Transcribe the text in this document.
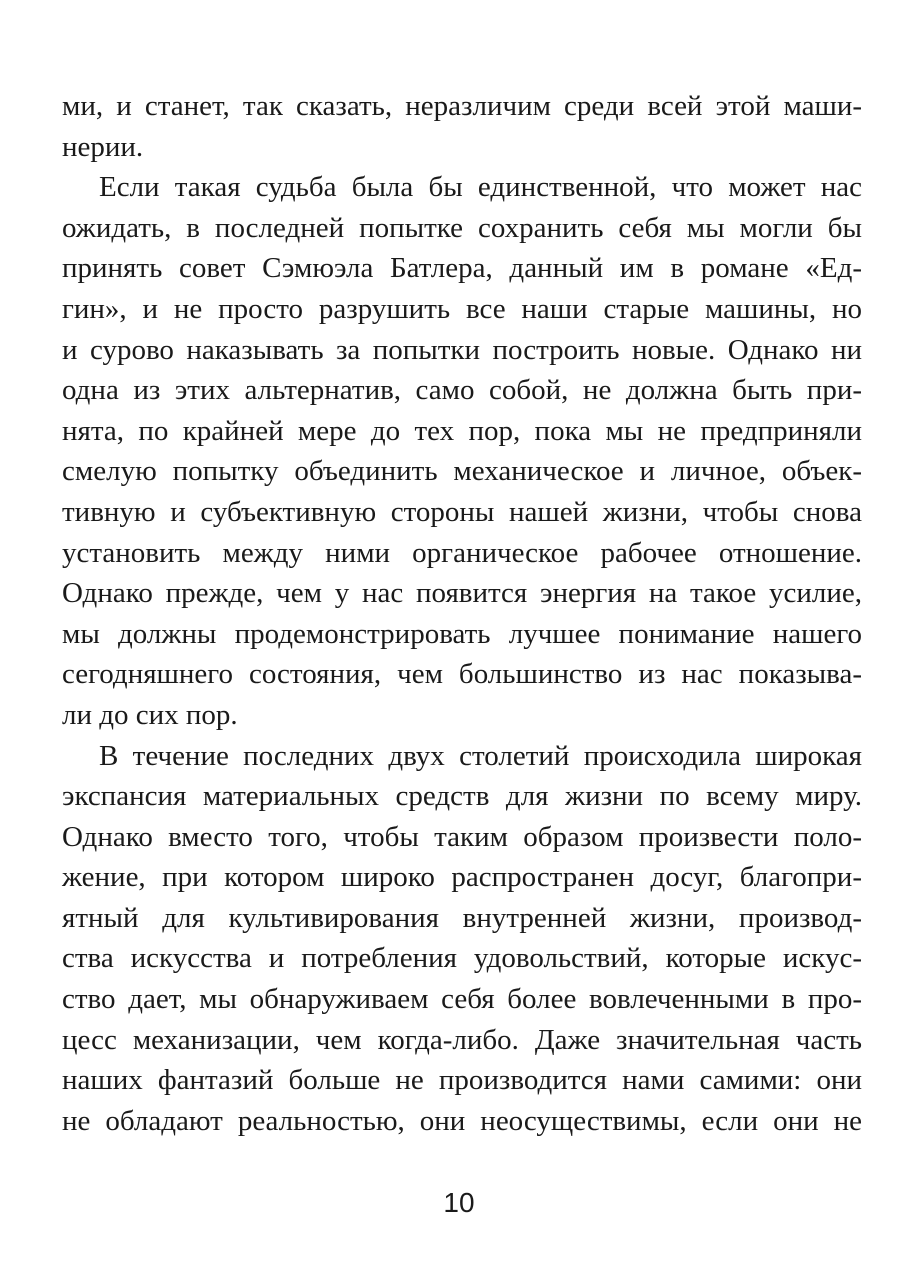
ми, и станет, так сказать, неразличим среди всей этой маши-
нерии.
Если такая судьба была бы единственной, что может нас
ожидать, в последней попытке сохранить себя мы могли бы
принять совет Сэмюэла Батлера, данный им в романе «Ед-
гин», и не просто разрушить все наши старые машины, но
и сурово наказывать за попытки построить новые. Однако ни
одна из этих альтернатив, само собой, не должна быть при-
нята, по крайней мере до тех пор, пока мы не предприняли
смелую попытку объединить механическое и личное, объек-
тивную и субъективную стороны нашей жизни, чтобы снова
установить между ними органическое рабочее отношение.
Однако прежде, чем у нас появится энергия на такое усилие,
мы должны продемонстрировать лучшее понимание нашего
сегодняшнего состояния, чем большинство из нас показыва-
ли до сих пор.
В течение последних двух столетий происходила широкая
экспансия материальных средств для жизни по всему миру.
Однако вместо того, чтобы таким образом произвести поло-
жение, при котором широко распространен досуг, благопри-
ятный для культивирования внутренней жизни, производ-
ства искусства и потребления удовольствий, которые искус-
ство дает, мы обнаруживаем себя более вовлеченными в про-
цесс механизации, чем когда-либо. Даже значительная часть
наших фантазий больше не производится нами самими: они
не обладают реальностью, они неосуществимы, если они не
10
